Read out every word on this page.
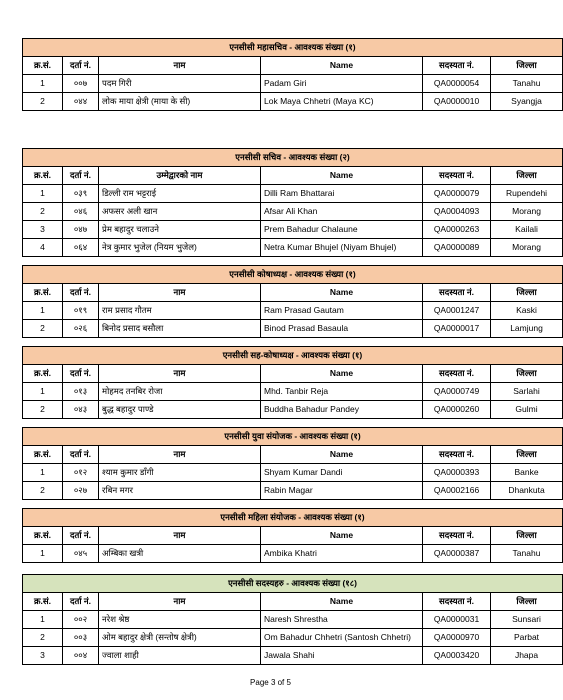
एनसीसी महासचिव - आवश्यक संख्या (१)					
क्र.सं.	दर्ता नं.	नाम	Name	सदस्यता नं.	जिल्ला
1	००७	पदम गिरी	Padam Giri	QA0000054	Tanahu
2	०४४	लोक माया क्षेत्री (माया के सी)	Lok Maya Chhetri (Maya KC)	QA0000010	Syangja
एनसीसी सचिव - आवश्यक संख्या (२)					
क्र.सं.	दर्ता नं.	उम्मेद्वारको नाम	Name	सदस्यता नं.	जिल्ला
1	०३९	डिल्ली राम भट्टराई	Dilli Ram Bhattarai	QA0000079	Rupendehi
2	०४६	अफसर अली खान	Afsar Ali Khan	QA0004093	Morang
3	०४७	प्रेम बहादुर चलाउने	Prem Bahadur Chalaune	QA0000263	Kailali
4	०६४	नेत्र कुमार भुजेल (नियम भुजेल)	Netra Kumar Bhujel (Niyam Bhujel)	QA0000089	Morang
एनसीसी कोषाध्यक्ष - आवश्यक संख्या (१)					
क्र.सं.	दर्ता नं.	नाम	Name	सदस्यता नं.	जिल्ला
1	०१९	राम प्रसाद गौतम	Ram Prasad Gautam	QA0001247	Kaski
2	०२६	बिनोद प्रसाद बसौला	Binod Prasad Basaula	QA0000017	Lamjung
एनसीसी सह-कोषाध्यक्ष - आवश्यक संख्या (१)					
क्र.सं.	दर्ता नं.	नाम	Name	सदस्यता नं.	जिल्ला
1	०१३	मोहमद तनबिर रोजा	Mhd. Tanbir Reja	QA0000749	Sarlahi
2	०४३	बुद्ध बहादुर पाण्डे	Buddha Bahadur Pandey	QA0000260	Gulmi
एनसीसी युवा संयोजक - आवश्यक संख्या (१)					
क्र.सं.	दर्ता नं.	नाम	Name	सदस्यता नं.	जिल्ला
1	०१२	श्याम कुमार डाँगी	Shyam Kumar Dandi	QA0000393	Banke
2	०२७	रबिन मगर	Rabin Magar	QA0002166	Dhankuta
एनसीसी महिला संयोजक - आवश्यक संख्या (१)					
क्र.सं.	दर्ता नं.	नाम	Name	सदस्यता नं.	जिल्ला
1	०४५	अम्बिका खत्री	Ambika Khatri	QA0000387	Tanahu
एनसीसी सदस्यहरु - आवश्यक संख्या (१८)					
क्र.सं.	दर्ता नं.	नाम	Name	सदस्यता नं.	जिल्ला
1	००२	नरेश श्रेष्ठ	Naresh Shrestha	QA0000031	Sunsari
2	००३	ओम बहादुर क्षेत्री (सन्तोष क्षेत्री)	Om Bahadur Chhetri (Santosh Chhetri)	QA0000970	Parbat
3	००४	ज्वाला शाही	Jawala Shahi	QA0003420	Jhapa
Page 3 of 5
